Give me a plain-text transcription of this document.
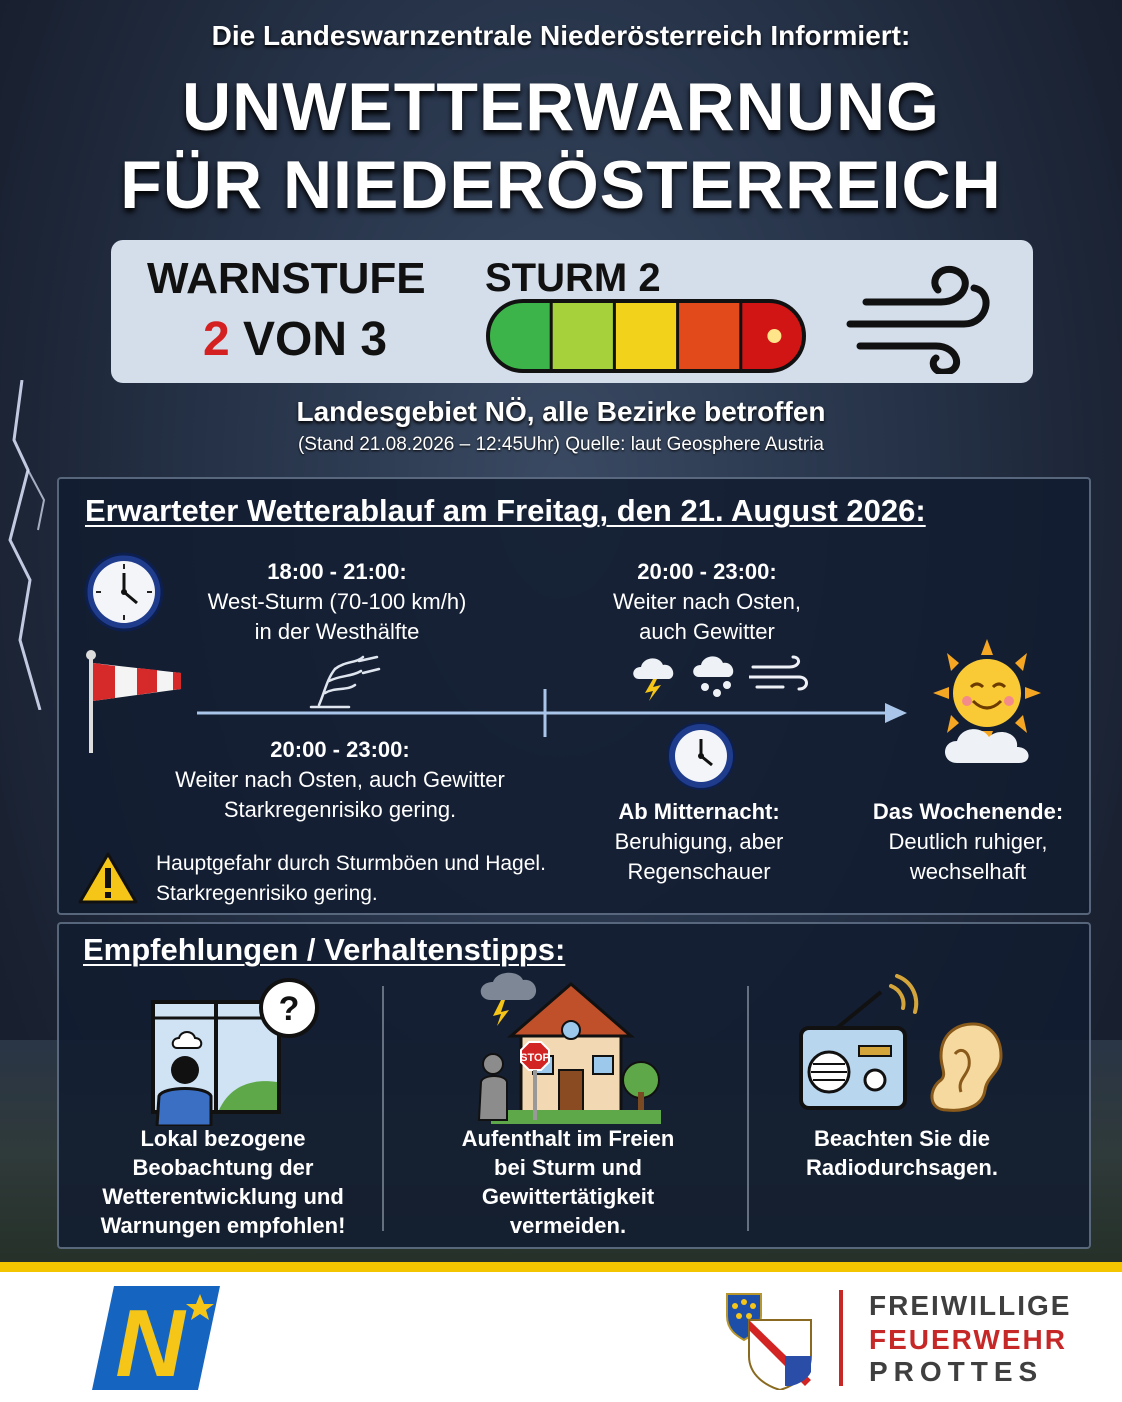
Die Landeswarnzentrale Niederösterreich Informiert:
UNWETTERWARNUNG
FÜR NIEDERÖSTERREICH
WARNSTUFE
2 VON 3
STURM 2
Landesgebiet NÖ, alle Bezirke betroffen
(Stand 21.08.2026 – 12:45Uhr) Quelle: laut Geosphere Austria
Erwarteter Wetterablauf am Freitag, den 21. August 2026:
18:00 - 21:00:
West-Sturm (70-100 km/h)
in der Westhälfte
20:00 - 23:00:
Weiter nach Osten,
auch Gewitter
20:00 - 23:00:
Weiter nach Osten, auch Gewitter
Starkregenrisiko gering.	Ab Mitternacht:
Beruhigung, aber
Regenschauer
Das Wochenende:
Deutlich ruhiger,
wechselhaft
Hauptgefahr durch Sturmböen und Hagel.
Starkregenrisiko gering.
Empfehlungen / Verhaltenstipps:
?
STOP
Lokal bezogene
Beobachtung der
Wetterentwicklung und
Warnungen empfohlen!
Aufenthalt im Freien
bei Sturm und
Gewittertätigkeit
vermeiden.
Beachten Sie die
Radiodurchsagen.
N	FREIWILLIGE
FEUERWEHR
PROTTES
